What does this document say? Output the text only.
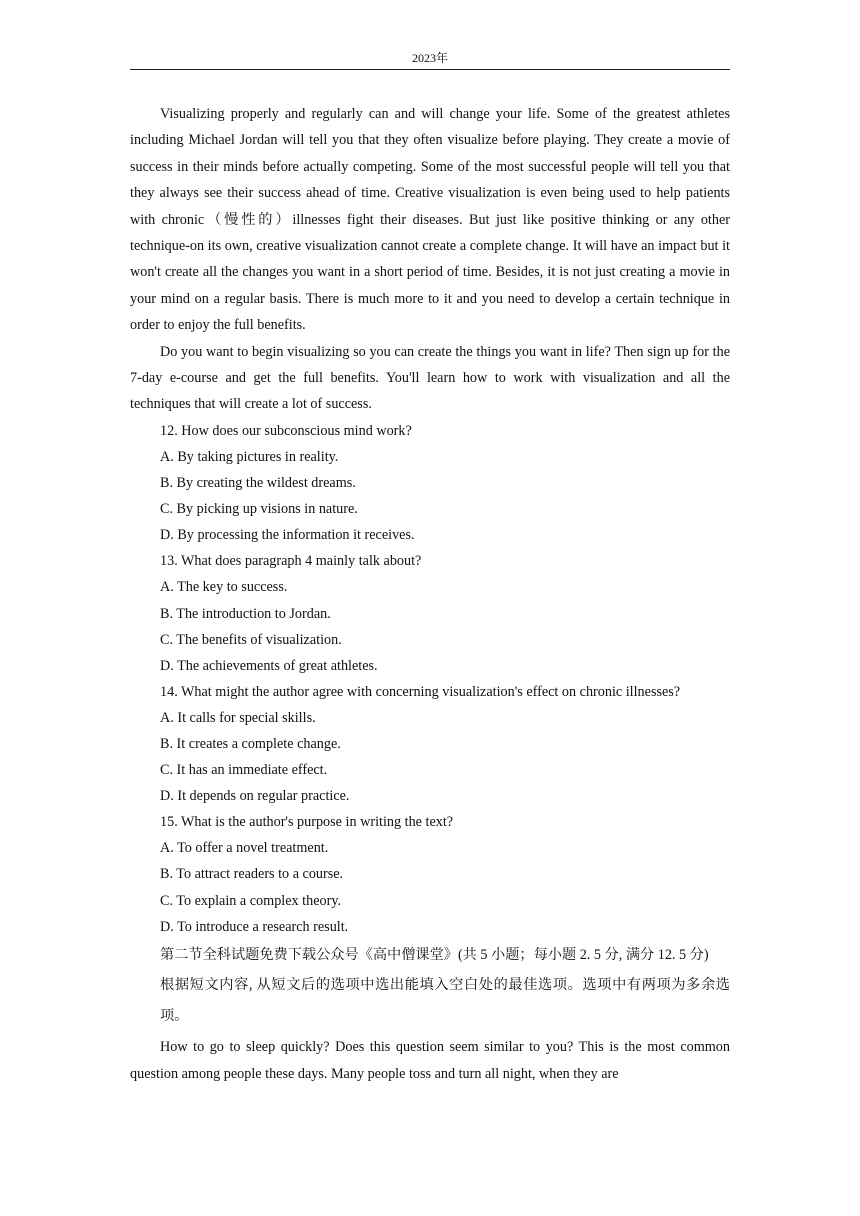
2023年

Visualizing properly and regularly can and will change your life. Some of the greatest athletes including Michael Jordan will tell you that they often visualize before playing. They create a movie of success in their minds before actually competing. Some of the most successful people will tell you that they always see their success ahead of time. Creative visualization is even being used to help patients with chronic（慢性的）illnesses fight their diseases. But just like positive thinking or any other technique-on its own, creative visualization cannot create a complete change. It will have an impact but it won't create all the changes you want in a short period of time. Besides, it is not just creating a movie in your mind on a regular basis. There is much more to it and you need to develop a certain technique in order to enjoy the full benefits.

Do you want to begin visualizing so you can create the things you want in life? Then sign up for the 7-day e-course and get the full benefits. You'll learn how to work with visualization and all the techniques that will create a lot of success.

12. How does our subconscious mind work?

A. By taking pictures in reality.

B. By creating the wildest dreams.

C. By picking up visions in nature.

D. By processing the information it receives.

13. What does paragraph 4 mainly talk about?

A. The key to success.

B. The introduction to Jordan.

C. The benefits of visualization.

D. The achievements of great athletes.

14. What might the author agree with concerning visualization's effect on chronic illnesses?

A. It calls for special skills.

B. It creates a complete change.

C. It has an immediate effect.

D. It depends on regular practice.

15. What is the author's purpose in writing the text?

A. To offer a novel treatment.

B. To attract readers to a course.

C. To explain a complex theory.

D. To introduce a research result.

第二节全科试题免费下载公众号《高中僧课堂》(共 5 小题；每小题 2. 5 分, 满分 12. 5 分)

根据短文内容, 从短文后的选项中选出能填入空白处的最佳选项。选项中有两项为多余选项。

How to go to sleep quickly? Does this question seem similar to you? This is the most common question among people these days. Many people toss and turn all night, when they are
